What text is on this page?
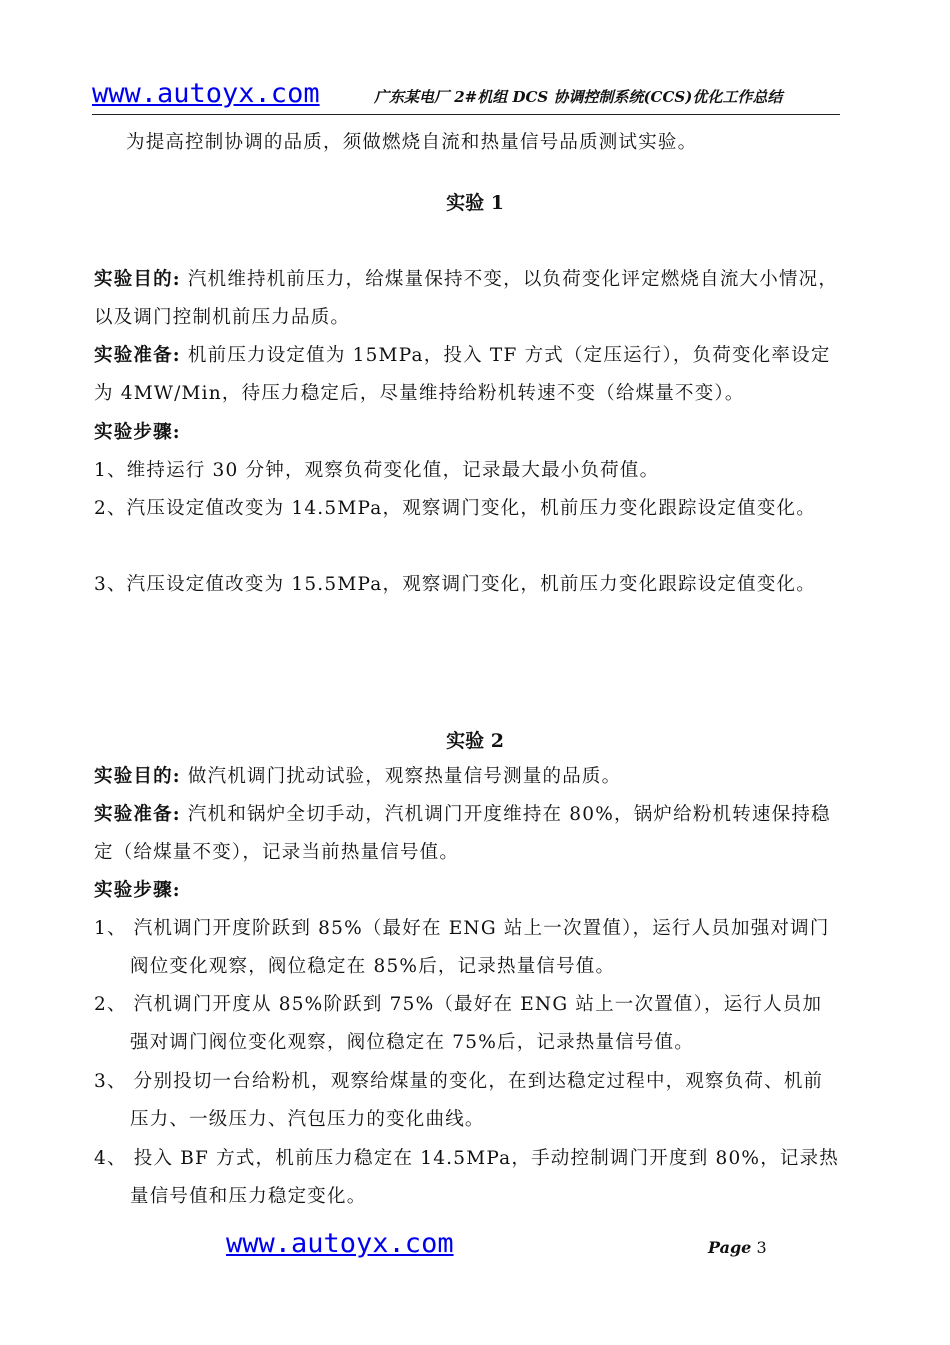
www.autoyx.com	广东某电厂 2#机组 DCS 协调控制系统(CCS)优化工作总结

为提高控制协调的品质，须做燃烧自流和热量信号品质测试实验。

实验 1

实验目的: 汽机维持机前压力，给煤量保持不变，以负荷变化评定燃烧自流大小情况，以及调门控制机前压力品质。

实验准备: 机前压力设定值为 15MPa，投入 TF 方式（定压运行），负荷变化率设定为 4MW/Min，待压力稳定后，尽量维持给粉机转速不变（给煤量不变）。

实验步骤:

1、维持运行 30 分钟，观察负荷变化值，记录最大最小负荷值。
2、汽压设定值改变为 14.5MPa，观察调门变化，机前压力变化跟踪设定值变化。
3、汽压设定值改变为 15.5MPa，观察调门变化，机前压力变化跟踪设定值变化。
实验 2

实验目的: 做汽机调门扰动试验，观察热量信号测量的品质。

实验准备: 汽机和锅炉全切手动，汽机调门开度维持在 80%，锅炉给粉机转速保持稳定（给煤量不变），记录当前热量信号值。

实验步骤:

1、 汽机调门开度阶跃到 85%（最好在 ENG 站上一次置值），运行人员加强对调门阀位变化观察，阀位稳定在 85%后，记录热量信号值。
2、 汽机调门开度从 85%阶跃到 75%（最好在 ENG 站上一次置值），运行人员加强对调门阀位变化观察，阀位稳定在 75%后，记录热量信号值。
3、 分别投切一台给粉机，观察给煤量的变化，在到达稳定过程中，观察负荷、机前压力、一级压力、汽包压力的变化曲线。
4、 投入 BF 方式，机前压力稳定在 14.5MPa，手动控制调门开度到 80%，记录热量信号值和压力稳定变化。
www.autoyx.com	Page 3
